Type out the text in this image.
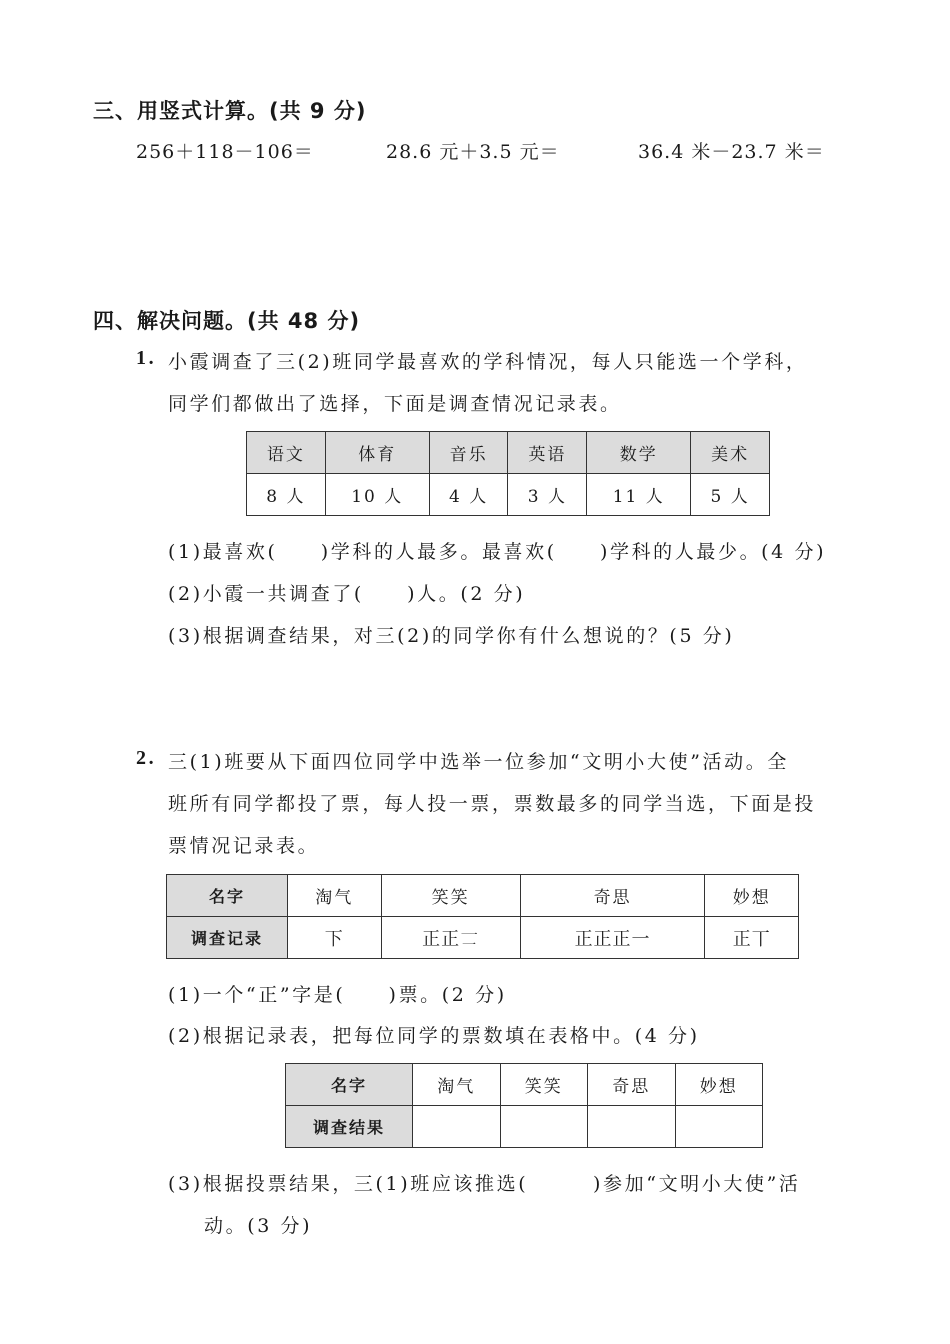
三、用竖式计算。(共 9 分)
256＋118－106＝	28.6 元＋3.5 元＝	36.4 米－23.7 米＝
四、解决问题。(共 48 分)
1. 小霞调查了三(2)班同学最喜欢的学科情况，每人只能选一个学科，
同学们都做出了选择，下面是调查情况记录表。
语文	体育	音乐	英语	数学	美术
8 人	10 人	4 人	3 人	11 人	5 人
(1)最喜欢(　　)学科的人最多。最喜欢(　　)学科的人最少。(4 分)
(2)小霞一共调查了(　　)人。(2 分)
(3)根据调查结果，对三(2)的同学你有什么想说的？(5 分)
2. 三(1)班要从下面四位同学中选举一位参加“文明小大使”活动。全
班所有同学都投了票，每人投一票，票数最多的同学当选，下面是投
票情况记录表。
名字	淘气	笑笑	奇思	妙想
调查记录	下	正正𠄟	正正正一	正丅
(1)一个“正”字是(　　)票。(2 分)
(2)根据记录表，把每位同学的票数填在表格中。(4 分)
名字	淘气	笑笑	奇思	妙想
调查结果				
(3)根据投票结果，三(1)班应该推选(　　　)参加“文明小大使”活
动。(3 分)
